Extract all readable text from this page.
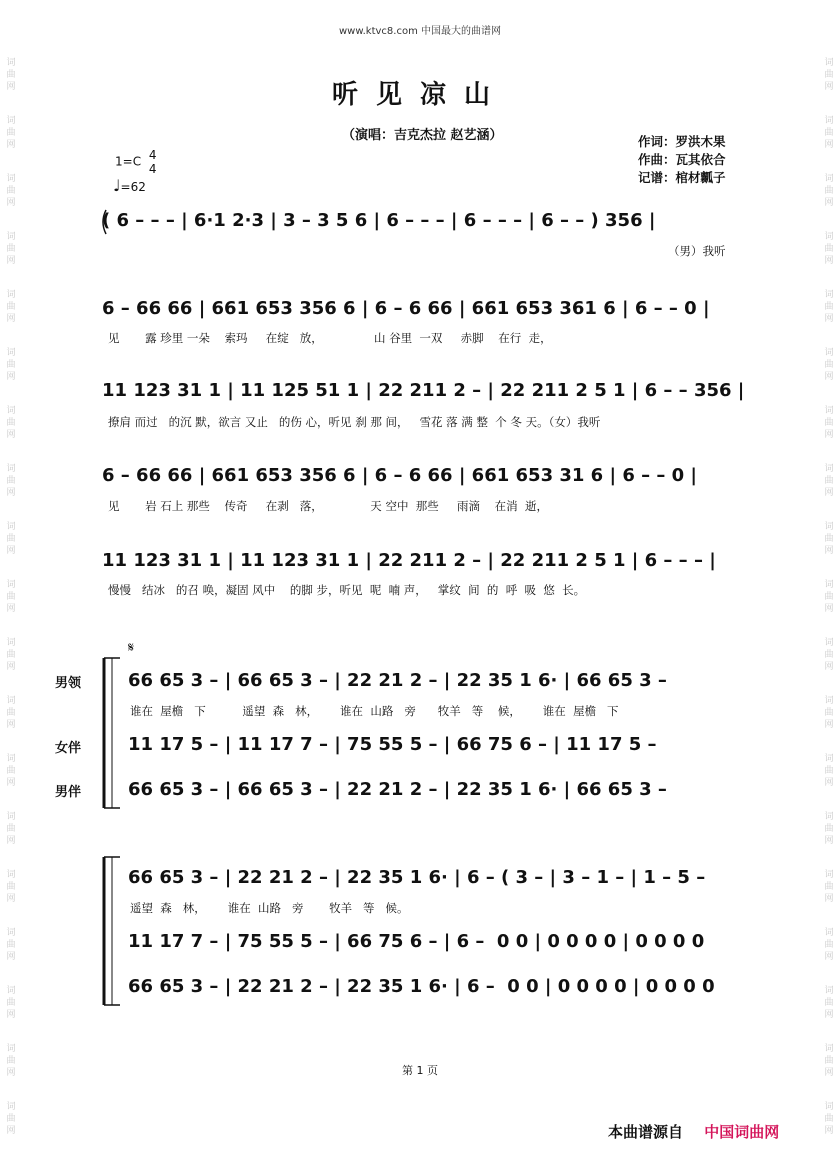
词
曲
网
词
曲
网
词
曲
网
词
曲
网
词
曲
网
词
曲
网
词
曲
网
词
曲
网
词
曲
网
词
曲
网
词
曲
网
词
曲
网
词
曲
网
词
曲
网
词
曲
网
词
曲
网
词
曲
网
词
曲
网
词
曲
网
词
曲
网
词
曲
网
词
曲
网
词
曲
网
词
曲
网
词
曲
网
词
曲
网
词
曲
网
词
曲
网
词
曲
网
词
曲
网
词
曲
网
词
曲
网
词
曲
网
词
曲
网
词
曲
网
词
曲
网
词
曲
网
词
曲
网
www.ktvc8.com 中国最大的曲谱网
听见凉山
（演唱：吉克杰拉 赵艺涵）	作词：罗洪木果
作曲：瓦其依合
记谱：棺材瓤子
1=C 4
4
♩=62
( 6 – – – | 6·1 2·3 | 3 – 3 5 6 | 6 – – – | 6 – – – | 6 – – ) 356 |
（男）我听
6 – 66 66 | 661 653 356 6 | 6 – 6 66 | 661 653 361 6 | 6 – – 0 |
见       露 珍里 一朵    索玛     在绽   放，              山 谷里  一双     赤脚    在行  走，
11 123 31 1 | 11 125 51 1 | 22 211 2 – | 22 211 2 5 1 | 6 – – 356 |
撩肩 而过   的沉 默，欲言 又止   的伤 心，听见 刹 那 间，   雪花 落 满 整  个 冬 天。（女）我听
6 – 66 66 | 661 653 356 6 | 6 – 6 66 | 661 653 31 6 | 6 – – 0 |
见       岩 石上 那些    传奇     在剥   落，             天 空中  那些     雨滴    在消  逝，
11 123 31 1 | 11 123 31 1 | 22 211 2 – | 22 211 2 5 1 | 6 – – – |
慢慢   结冰   的召 唤，凝固 风中    的脚 步，听见  呢  喃 声，   掌纹  间  的  呼  吸  悠  长。
𝄋
男领	66 65 3 – | 66 65 3 – | 22 21 2 – | 22 35 1 6· | 66 65 3 –
谁在  屋檐   下          遥望  森   林，      谁在  山路   旁      牧羊   等    候，      谁在  屋檐   下
女伴	11 17 5 – | 11 17 7 – | 75 55 5 – | 66 75 6 – | 11 17 5 –
男伴	66 65 3 – | 66 65 3 – | 22 21 2 – | 22 35 1 6· | 66 65 3 –
66 65 3 – | 22 21 2 – | 22 35 1 6· | 6 – ( 3 – | 3 – 1 – | 1 – 5 –
遥望  森   林，      谁在  山路   旁       牧羊   等   候。
11 17 7 – | 75 55 5 – | 66 75 6 – | 6 –  0 0 | 0 0 0 0 | 0 0 0 0
66 65 3 – | 22 21 2 – | 22 35 1 6· | 6 –  0 0 | 0 0 0 0 | 0 0 0 0
第 1 页
本曲谱源自 中国词曲网
